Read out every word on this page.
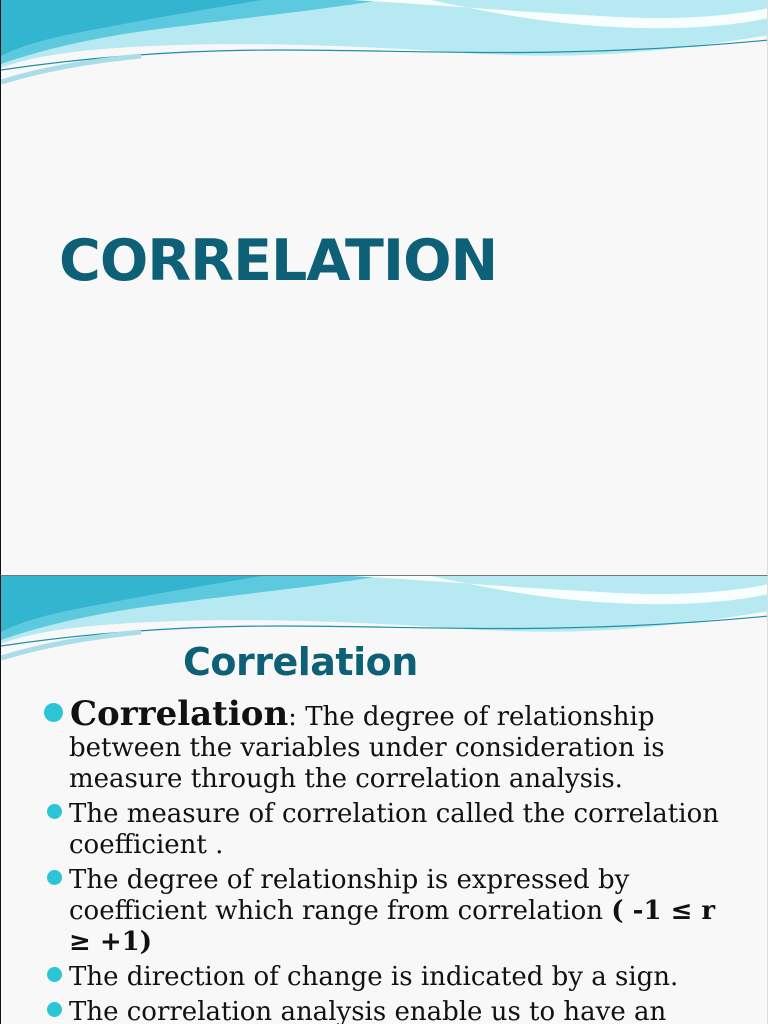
CORRELATION
Correlation
Correlation: The degree of relationship between the variables under consideration is measure through the correlation analysis.
The measure of correlation called the correlation coefficient .
The degree of relationship is expressed by coefficient which range from correlation ( -1 ≤ r ≥ +1)
The direction of change is indicated by a sign.
The correlation analysis enable us to have an
